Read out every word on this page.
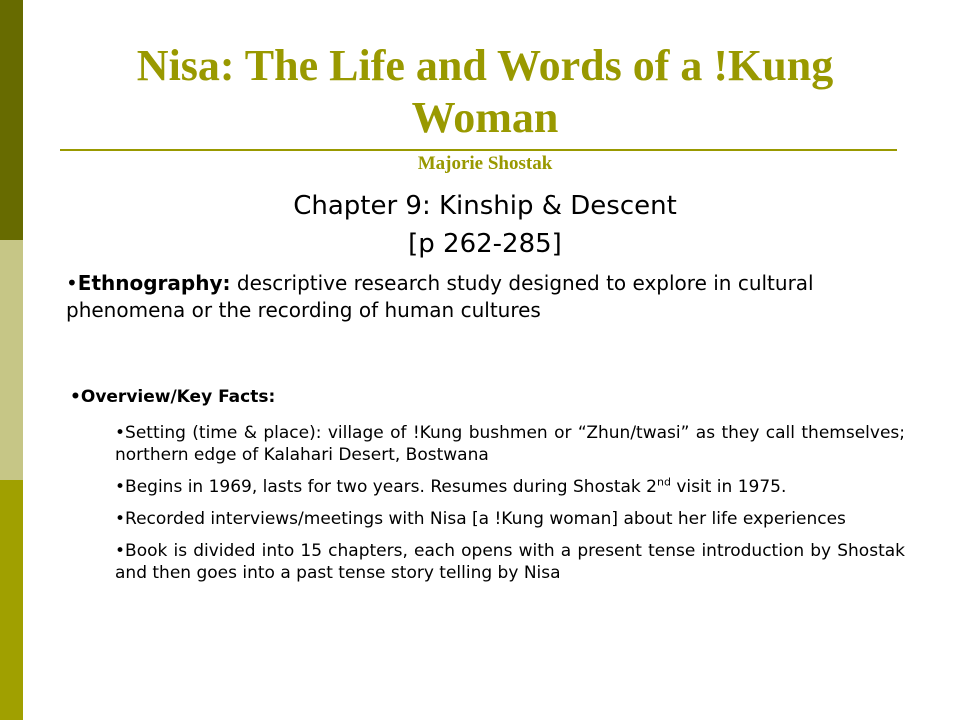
Nisa: The Life and Words of a !Kung Woman
Majorie Shostak
Chapter 9: Kinship & Descent
[p 262-285]
•Ethnography: descriptive research study designed to explore in cultural phenomena or the recording of human cultures
•Overview/Key Facts:
•Setting (time & place): village of !Kung bushmen or “Zhun/twasi” as they call themselves; northern edge of Kalahari Desert, Bostwana
•Begins in 1969, lasts for two years. Resumes during Shostak 2nd visit in 1975.
•Recorded interviews/meetings with Nisa [a !Kung woman] about her life experiences
•Book is divided into 15 chapters, each opens with a present tense introduction by Shostak and then goes into a past tense story telling by Nisa
